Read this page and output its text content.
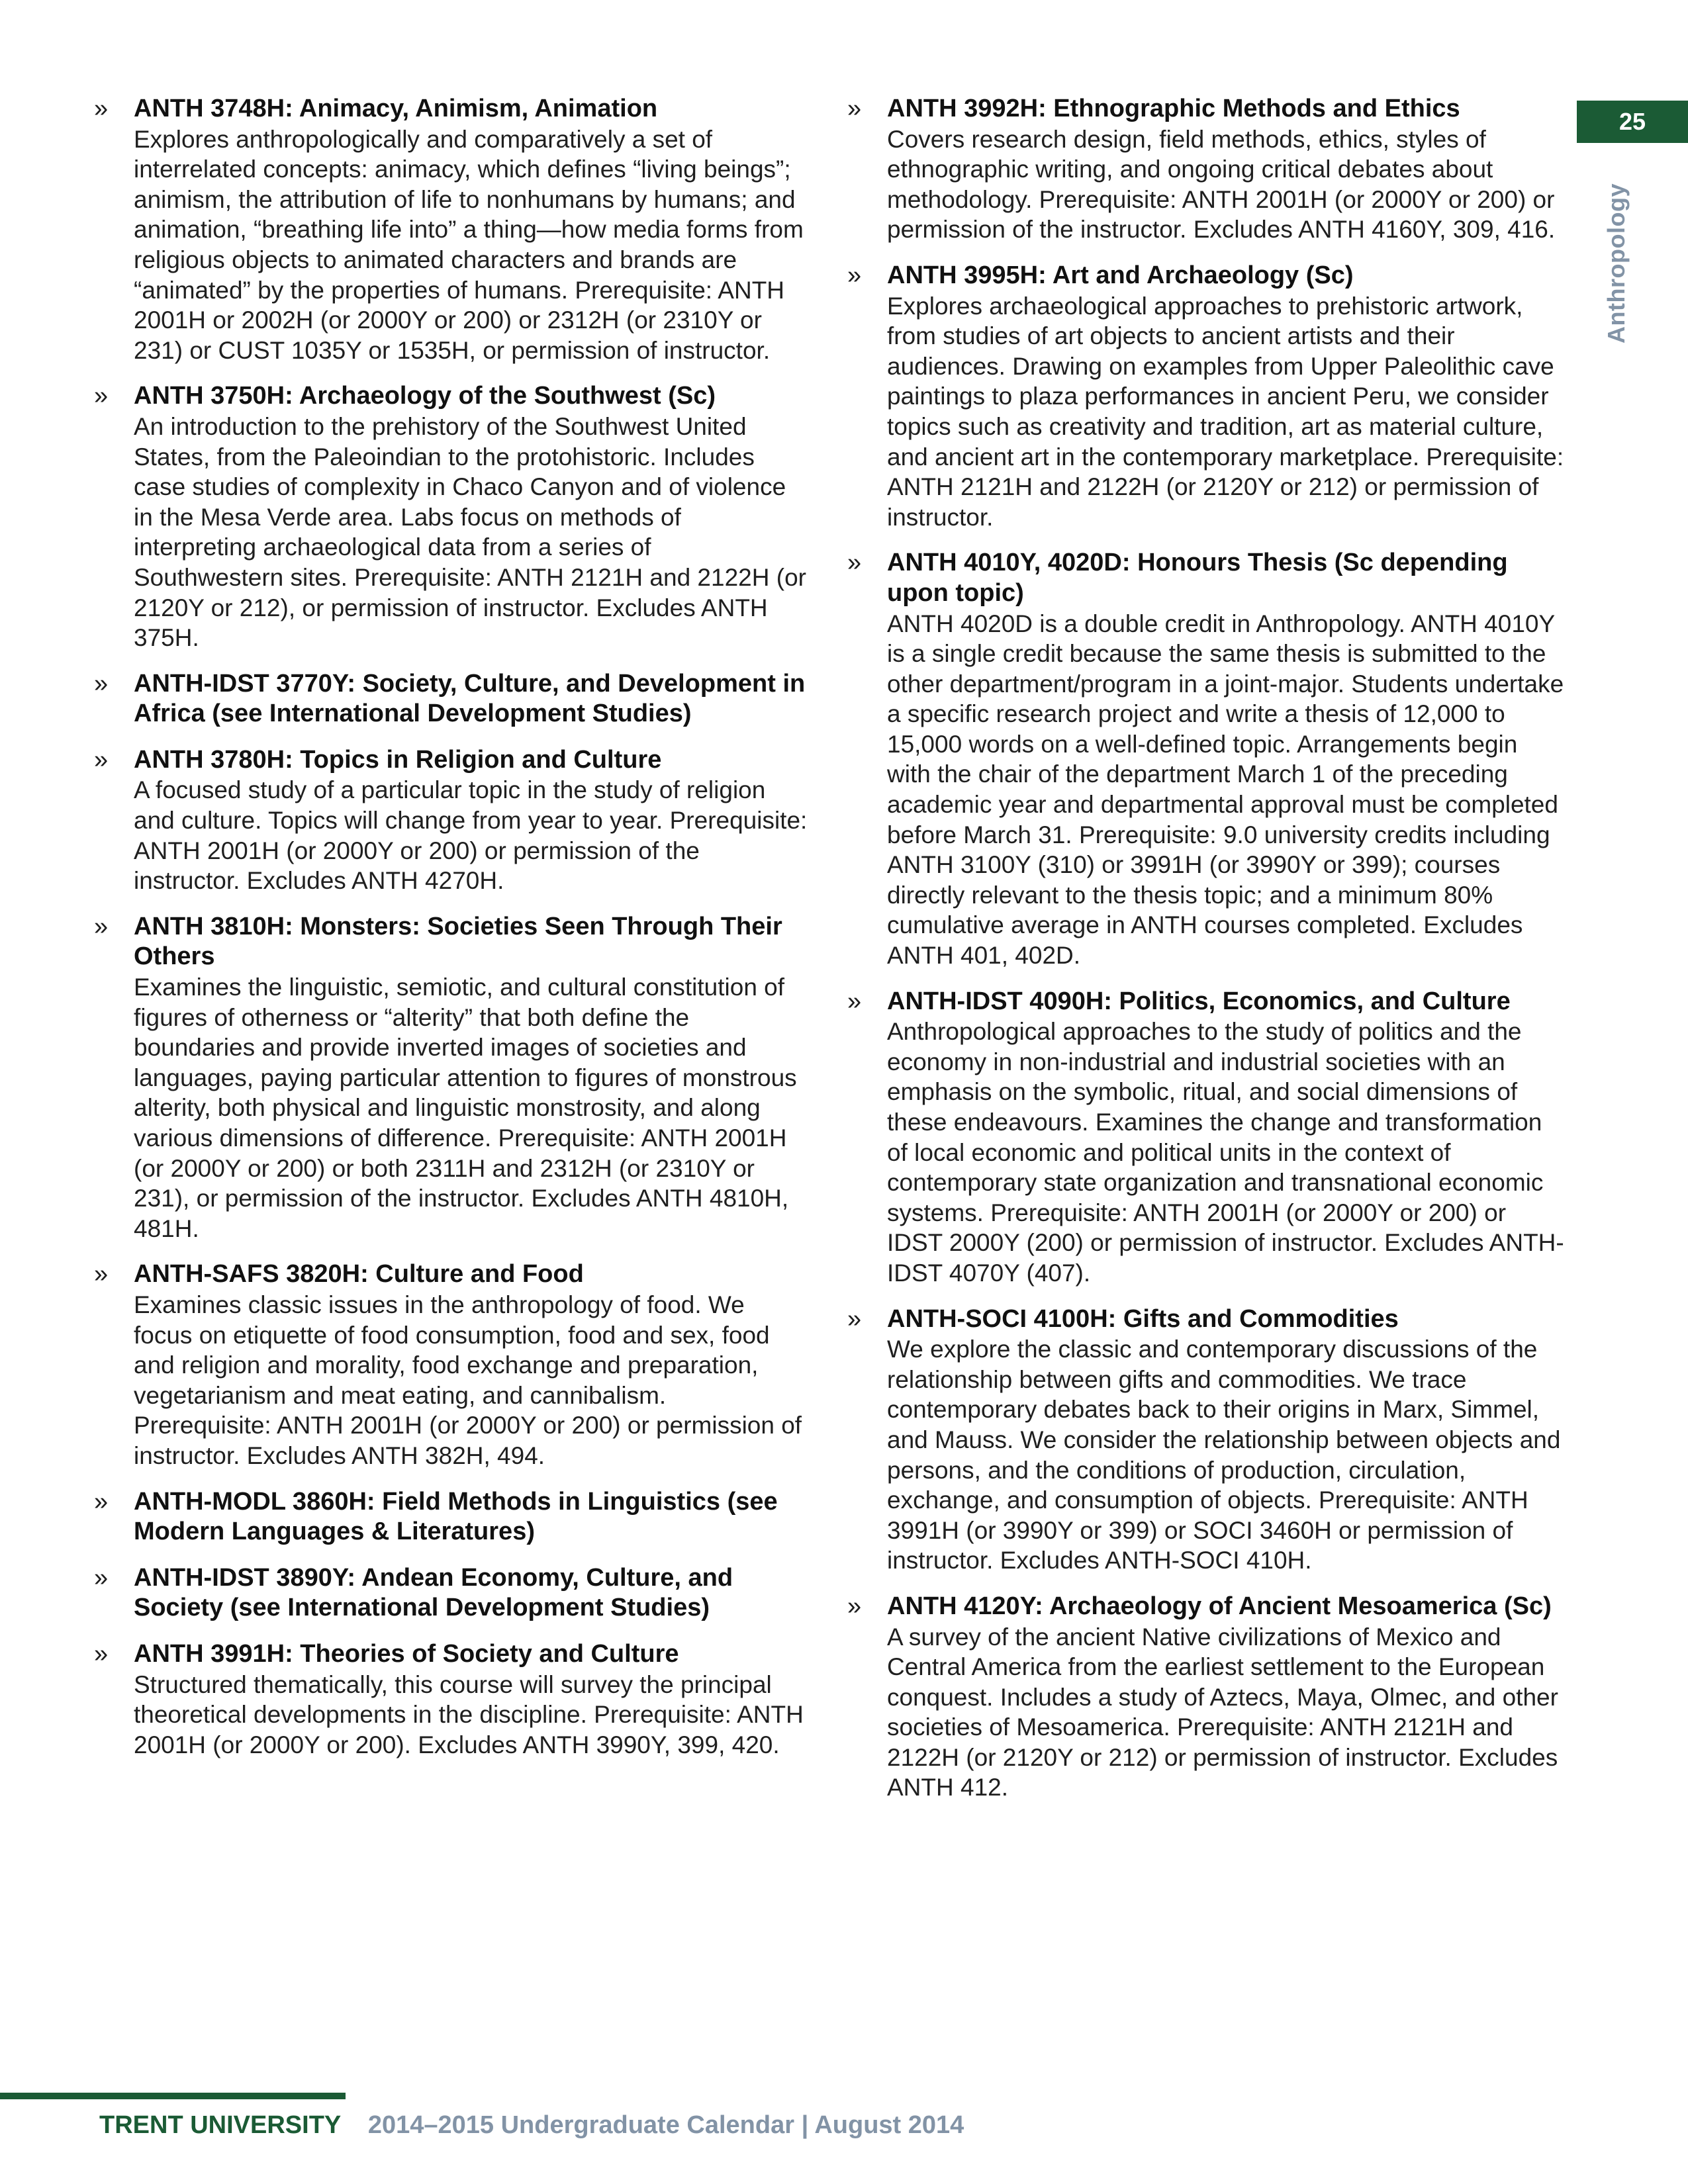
» ANTH 3748H: Animacy, Animism, Animation
Explores anthropologically and comparatively a set of interrelated concepts: animacy, which defines “living beings”; animism, the attribution of life to nonhumans by humans; and animation, “breathing life into” a thing—how media forms from religious objects to animated characters and brands are “animated” by the properties of humans. Prerequisite: ANTH 2001H or 2002H (or 2000Y or 200) or 2312H (or 2310Y or 231) or CUST 1035Y or 1535H, or permission of instructor.
» ANTH 3750H: Archaeology of the Southwest (Sc)
An introduction to the prehistory of the Southwest United States, from the Paleoindian to the protohistoric. Includes case studies of complexity in Chaco Canyon and of violence in the Mesa Verde area. Labs focus on methods of interpreting archaeological data from a series of Southwestern sites. Prerequisite: ANTH 2121H and 2122H (or 2120Y or 212), or permission of instructor. Excludes ANTH 375H.
» ANTH-IDST 3770Y: Society, Culture, and Development in Africa (see International Development Studies)
» ANTH 3780H: Topics in Religion and Culture
A focused study of a particular topic in the study of religion and culture. Topics will change from year to year. Prerequisite: ANTH 2001H (or 2000Y or 200) or permission of the instructor. Excludes ANTH 4270H.
» ANTH 3810H: Monsters: Societies Seen Through Their Others
Examines the linguistic, semiotic, and cultural constitution of figures of otherness or “alterity” that both define the boundaries and provide inverted images of societies and languages, paying particular attention to figures of monstrous alterity, both physical and linguistic monstrosity, and along various dimensions of difference. Prerequisite: ANTH 2001H (or 2000Y or 200) or both 2311H and 2312H (or 2310Y or 231), or permission of the instructor. Excludes ANTH 4810H, 481H.
» ANTH-SAFS 3820H: Culture and Food
Examines classic issues in the anthropology of food. We focus on etiquette of food consumption, food and sex, food and religion and morality, food exchange and preparation, vegetarianism and meat eating, and cannibalism. Prerequisite: ANTH 2001H (or 2000Y or 200) or permission of instructor. Excludes ANTH 382H, 494.
» ANTH-MODL 3860H: Field Methods in Linguistics (see Modern Languages & Literatures)
» ANTH-IDST 3890Y: Andean Economy, Culture, and Society (see International Development Studies)
» ANTH 3991H: Theories of Society and Culture
Structured thematically, this course will survey the principal theoretical developments in the discipline. Prerequisite: ANTH 2001H (or 2000Y or 200). Excludes ANTH 3990Y, 399, 420.
» ANTH 3992H: Ethnographic Methods and Ethics
Covers research design, field methods, ethics, styles of ethnographic writing, and ongoing critical debates about methodology. Prerequisite: ANTH 2001H (or 2000Y or 200) or permission of the instructor. Excludes ANTH 4160Y, 309, 416.
» ANTH 3995H: Art and Archaeology (Sc)
Explores archaeological approaches to prehistoric artwork, from studies of art objects to ancient artists and their audiences. Drawing on examples from Upper Paleolithic cave paintings to plaza performances in ancient Peru, we consider topics such as creativity and tradition, art as material culture, and ancient art in the contemporary marketplace. Prerequisite: ANTH 2121H and 2122H (or 2120Y or 212) or permission of instructor.
» ANTH 4010Y, 4020D: Honours Thesis (Sc depending upon topic)
ANTH 4020D is a double credit in Anthropology. ANTH 4010Y is a single credit because the same thesis is submitted to the other department/program in a joint-major. Students undertake a specific research project and write a thesis of 12,000 to 15,000 words on a well-defined topic. Arrangements begin with the chair of the department March 1 of the preceding academic year and departmental approval must be completed before March 31. Prerequisite: 9.0 university credits including ANTH 3100Y (310) or 3991H (or 3990Y or 399); courses directly relevant to the thesis topic; and a minimum 80% cumulative average in ANTH courses completed. Excludes ANTH 401, 402D.
» ANTH-IDST 4090H: Politics, Economics, and Culture
Anthropological approaches to the study of politics and the economy in non-industrial and industrial societies with an emphasis on the symbolic, ritual, and social dimensions of these endeavours. Examines the change and transformation of local economic and political units in the context of contemporary state organization and transnational economic systems. Prerequisite: ANTH 2001H (or 2000Y or 200) or IDST 2000Y (200) or permission of instructor. Excludes ANTH-IDST 4070Y (407).
» ANTH-SOCI 4100H: Gifts and Commodities
We explore the classic and contemporary discussions of the relationship between gifts and commodities. We trace contemporary debates back to their origins in Marx, Simmel, and Mauss. We consider the relationship between objects and persons, and the conditions of production, circulation, exchange, and consumption of objects. Prerequisite: ANTH 3991H (or 3990Y or 399) or SOCI 3460H or permission of instructor. Excludes ANTH-SOCI 410H.
» ANTH 4120Y: Archaeology of Ancient Mesoamerica (Sc)
A survey of the ancient Native civilizations of Mexico and Central America from the earliest settlement to the European conquest. Includes a study of Aztecs, Maya, Olmec, and other societies of Mesoamerica. Prerequisite: ANTH 2121H and 2122H (or 2120Y or 212) or permission of instructor. Excludes ANTH 412.
25
Anthropology
TRENT UNIVERSITY 2014–2015 Undergraduate Calendar | August 2014
